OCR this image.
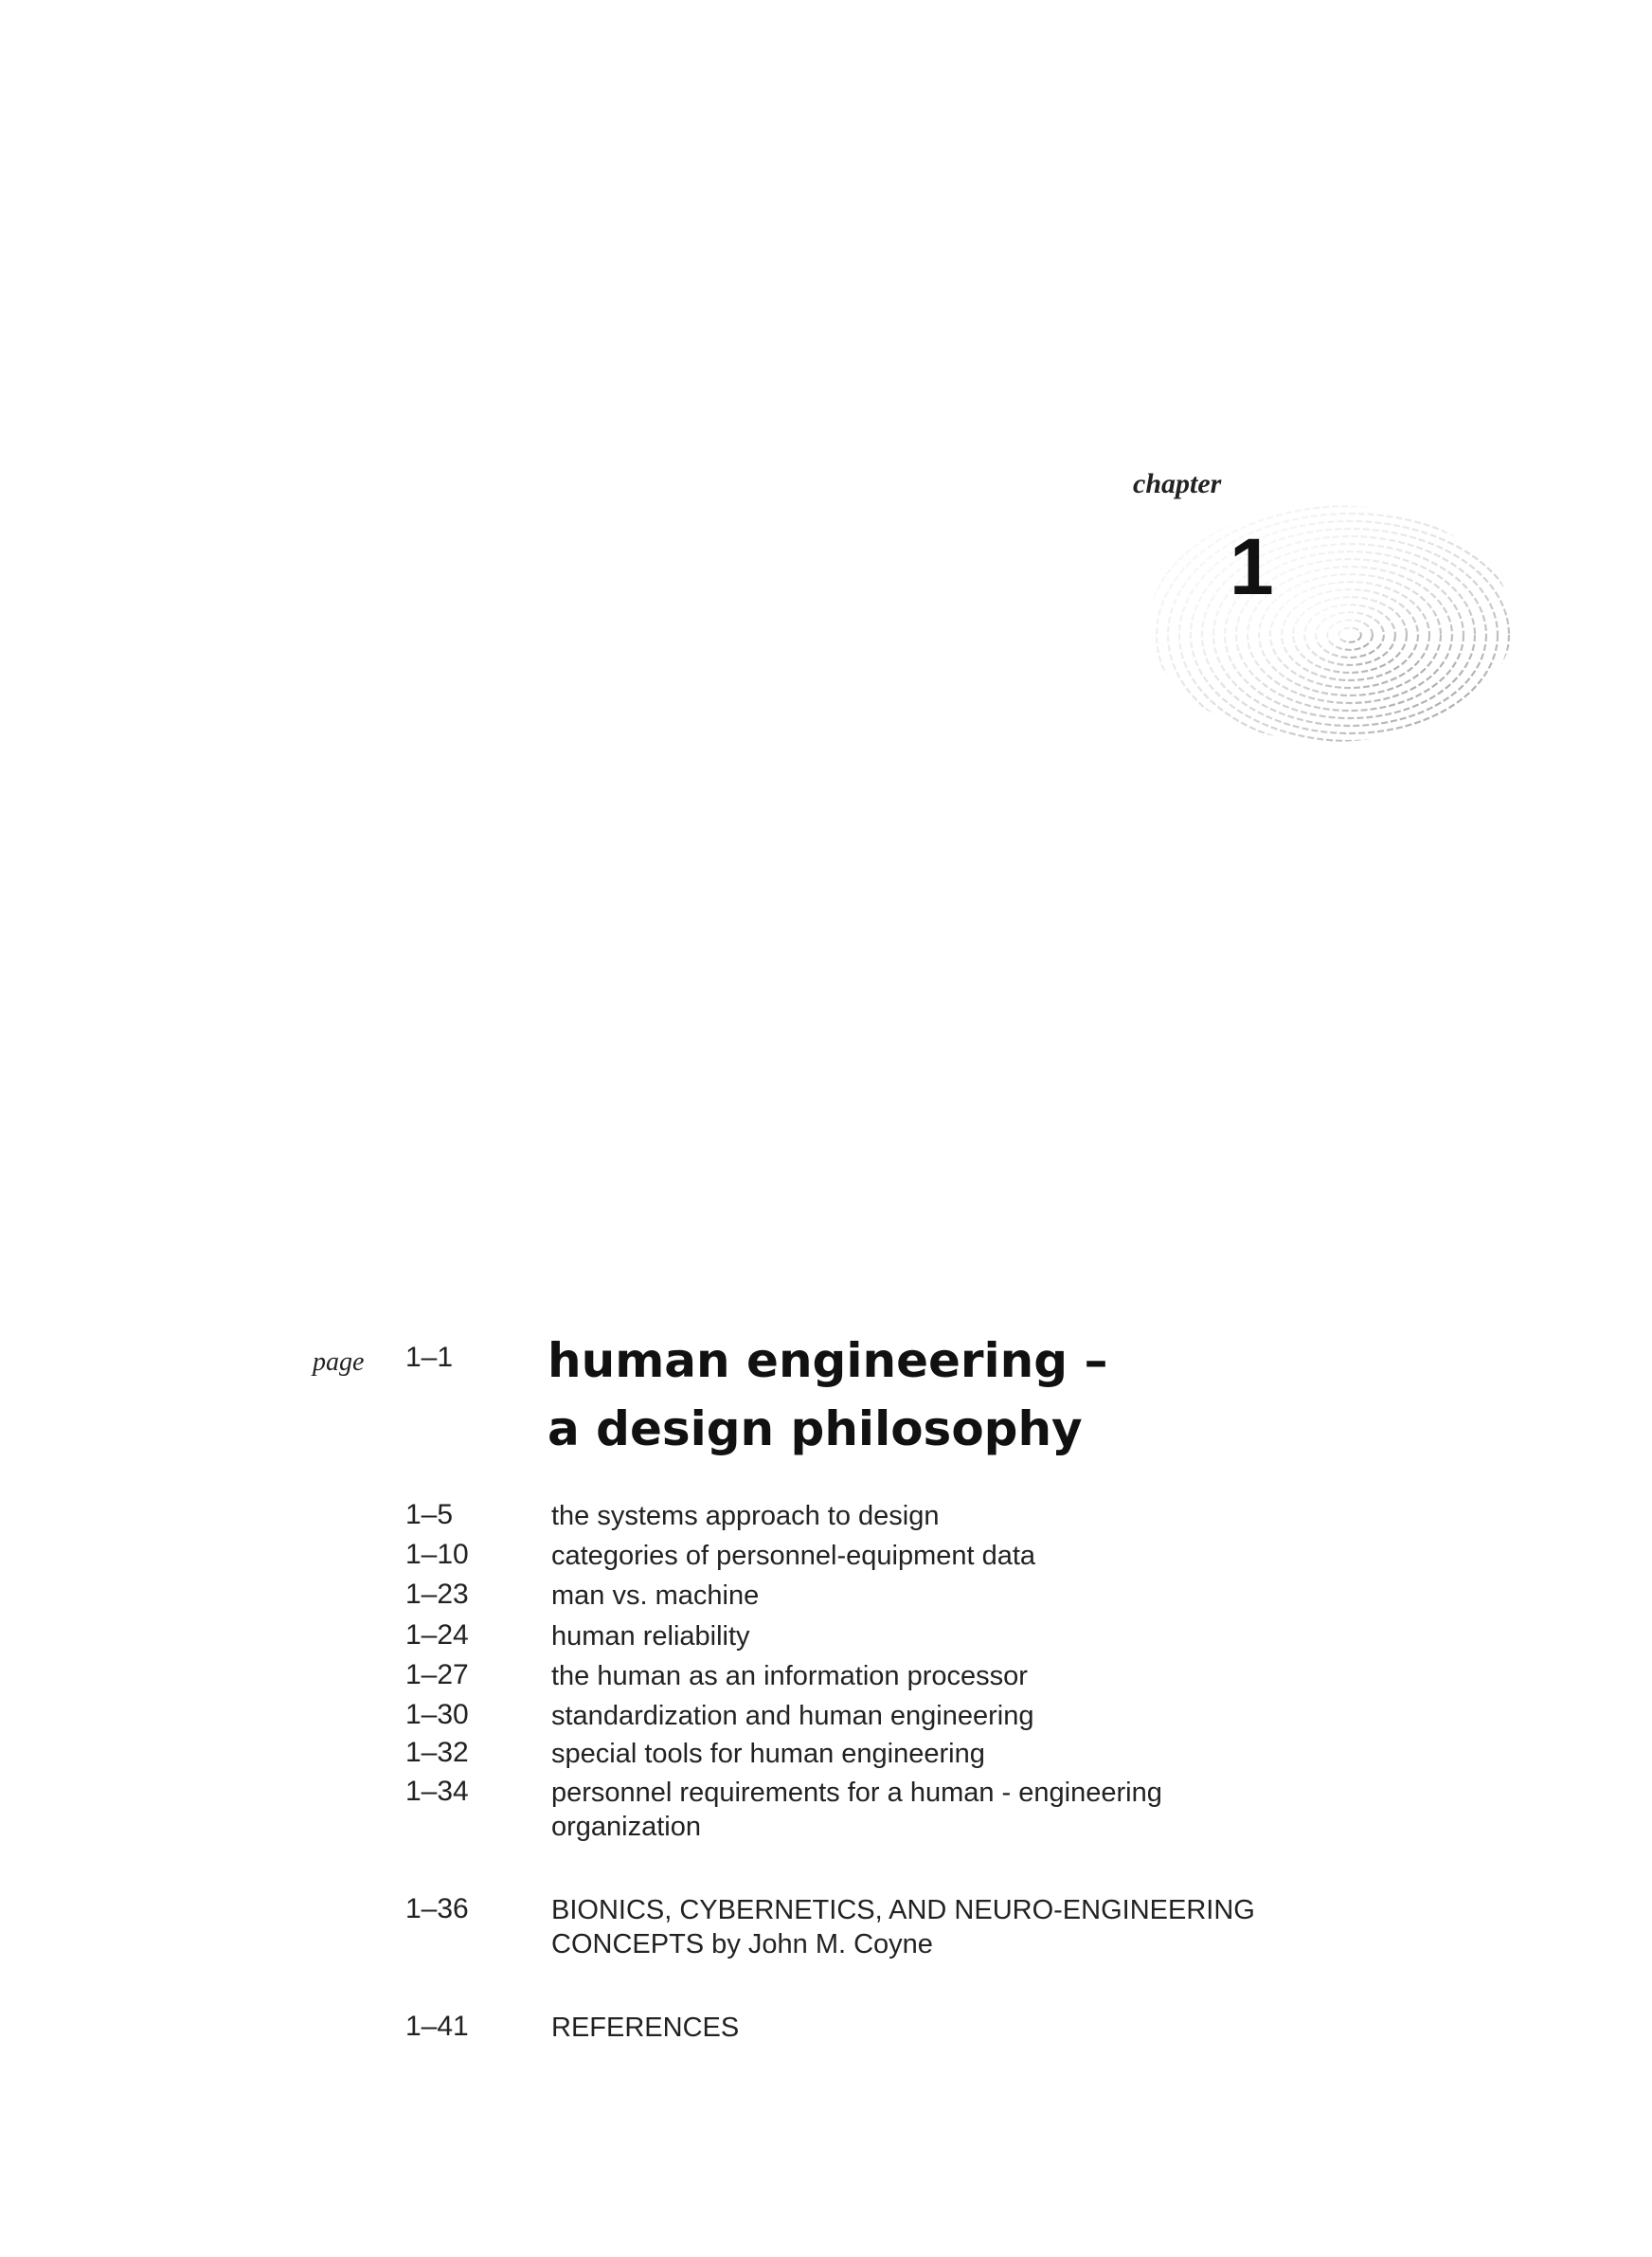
chapter
1
page 1–1 human engineering –
a design philosophy
1–5	the systems approach to design
1–10	categories of personnel-equipment data
1–23	man vs. machine
1–24	human reliability
1–27	the human as an information processor
1–30	standardization and human engineering
1–32	special tools for human engineering
1–34	personnel requirements for a human - engineering organization
1–36	BIONICS, CYBERNETICS, AND NEURO-ENGINEERING CONCEPTS by John M. Coyne
1–41	REFERENCES
